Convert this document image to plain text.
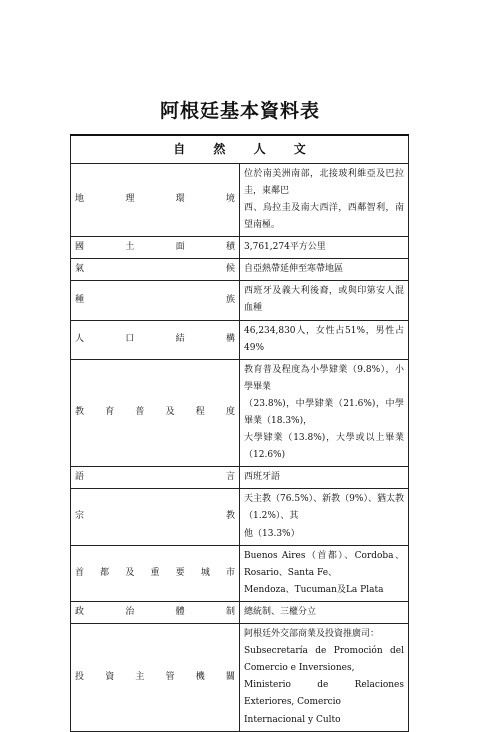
阿根廷基本資料表
自 然 人 文	
地 理 環 境	位於南美洲南部，北接玻利維亞及巴拉圭，東鄰巴
西、烏拉圭及南大西洋，西鄰智利，南望南極。

國 土 面 積	3,761,274平方公里

氣 候	自亞熱帶延伸至寒帶地區

種 族	西班牙及義大利後裔，或與印第安人混血種

人 口 結 構	46,234,830人，女性占51%，男性占49%

教 育 普 及 程 度	教育普及程度為小學肄業（9.8%），小學畢業
（23.8%)，中學肄業（21.6%)，中學畢業（18.3%)，
大學肄業（13.8%)，大學或以上畢業（12.6%)

語 言	西班牙語

宗 教	天主教（76.5%）、新教（9%）、猶太教（1.2%）、其
他（13.3%）

首 都 及 重 要 城 市	Buenos Aires（首都）、Cordoba、Rosario、Santa Fe、
Mendoza、Tucuman及La Plata

政 治 體 制	總統制、三權分立

投 資 主 管 機 關	阿根廷外交部商業及投資推廣司：
Subsecretaría de Promoción del Comercio e Inversiones,
Ministerio de Relaciones Exteriores, Comercio
Internacional y Culto
